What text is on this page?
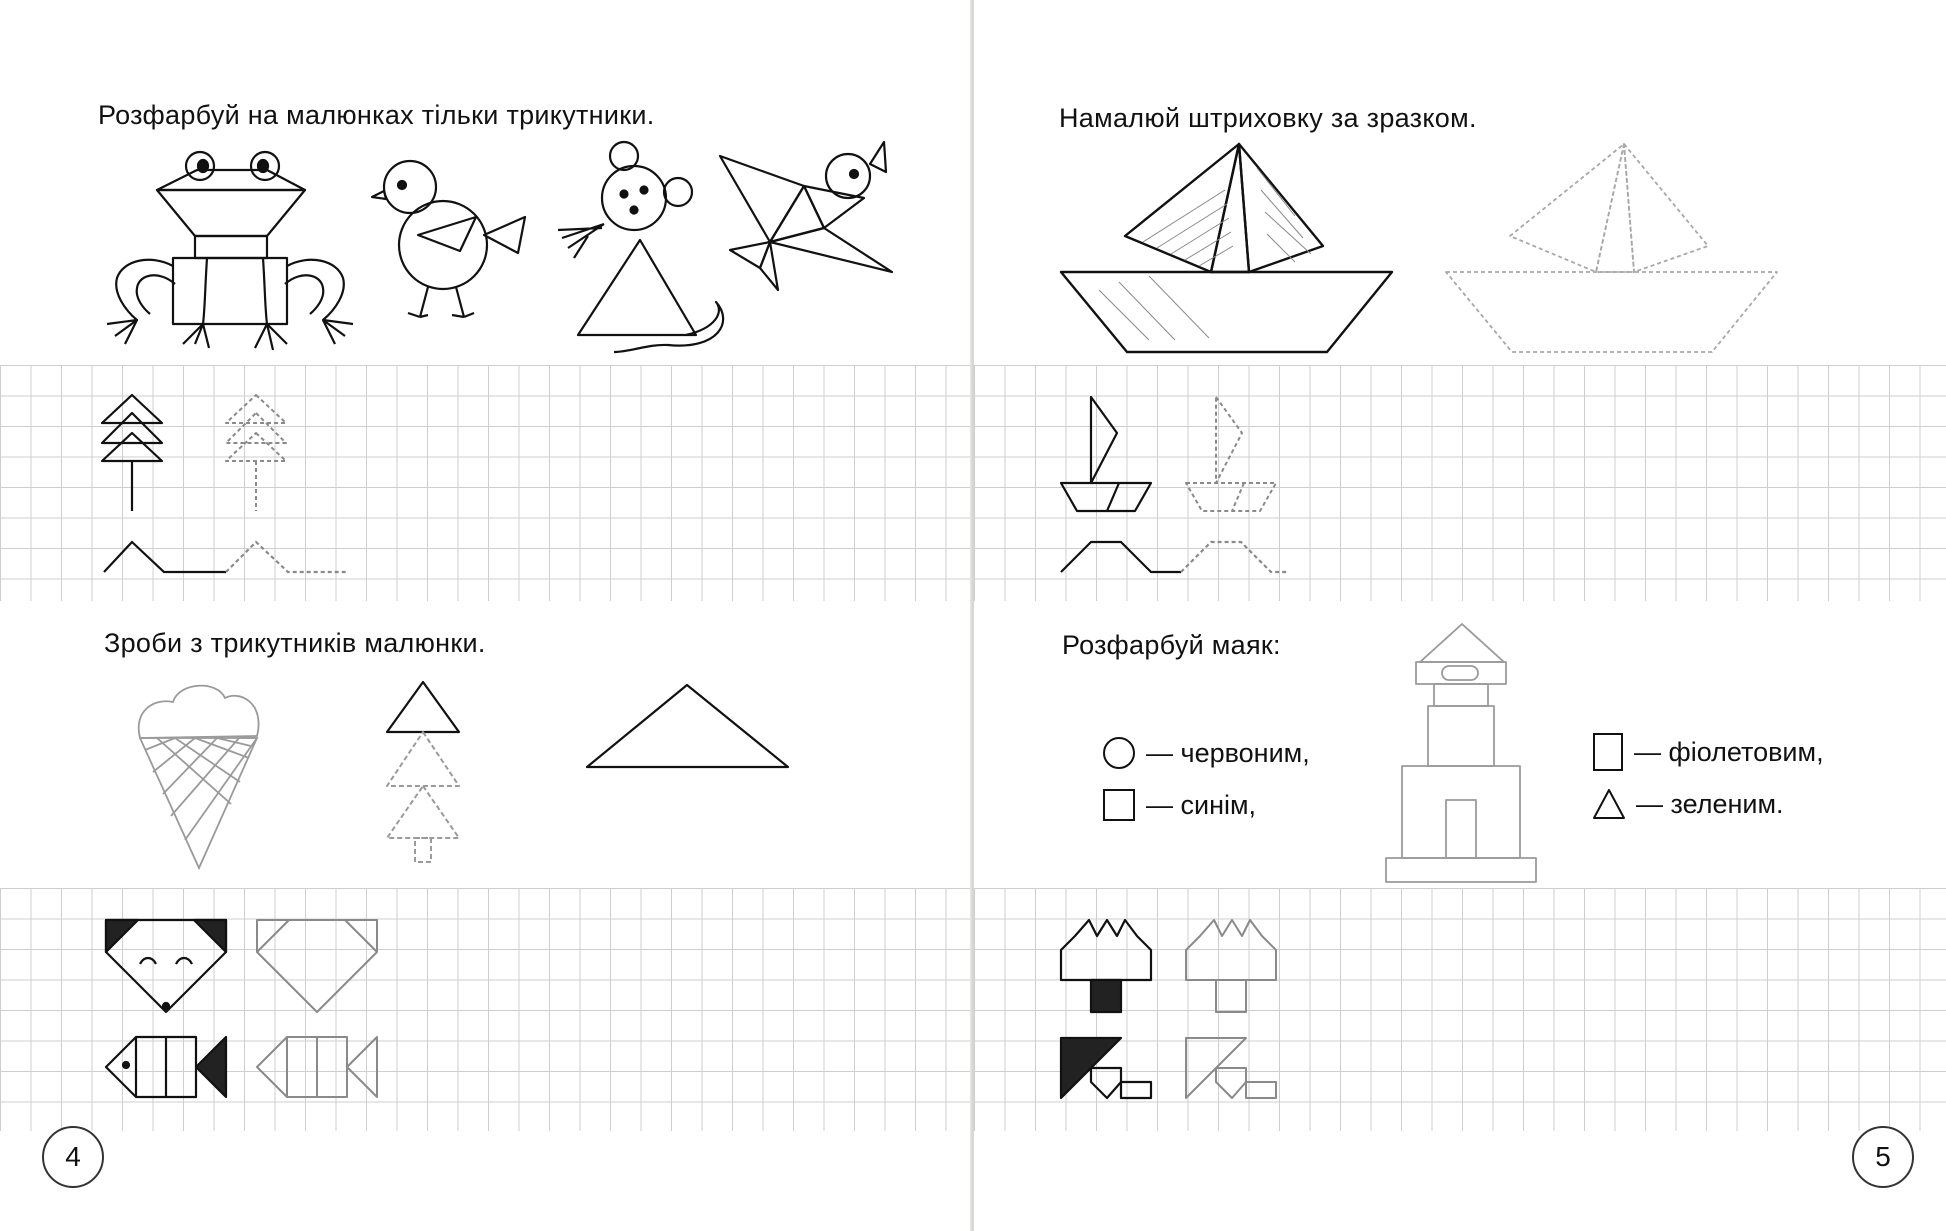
Розфарбуй на малюнках тільки трикутники.
Зроби з трикутників малюнки.
4
Намалюй штриховку за зразком.
Розфарбуй маяк:
— червоним,
— синім,
— фіолетовим,
— зеленим.
5
